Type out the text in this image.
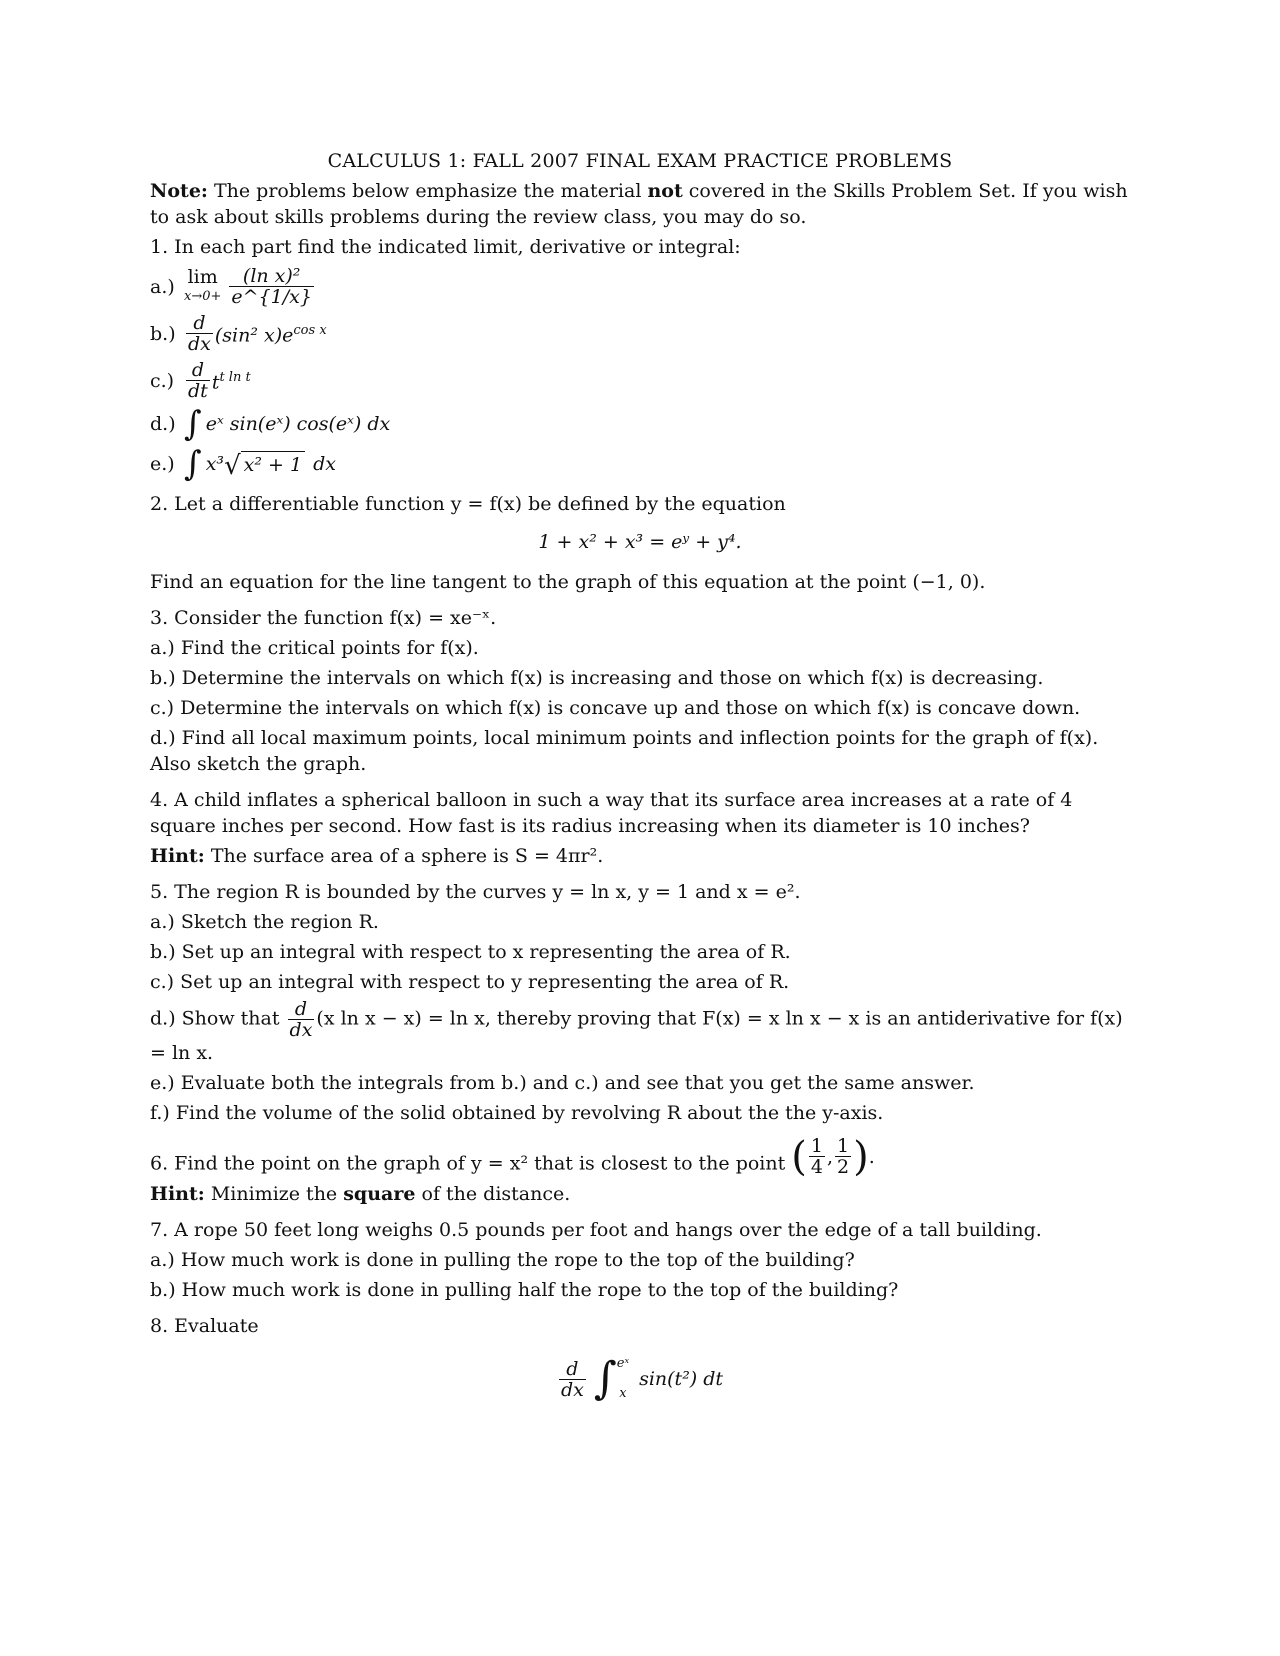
CALCULUS 1: FALL 2007 FINAL EXAM PRACTICE PROBLEMS

Note: The problems below emphasize the material not covered in the Skills Problem Set. If you wish to ask about skills problems during the review class, you may do so.

1. In each part find the indicated limit, derivative or integral:

a.) lim
$x\to 0+ \frac{\text{(ln x)²}}{e\^{}\{1/x\}}$
$b.) \frac{d}{dx} (\sin^2$ $x)e^{cos x}$
$c.) \frac{d}{dt} t^{t ln t}$
d.) ∫ eˣ sin(eˣ) cos(eˣ) dx
e.) ∫ x³ √ x² + 1 dx

2. Let a differentiable function y = f(x) be defined by the equation

1 + x² + x³ = eʸ + y⁴.

Find an equation for the line tangent to the graph of this equation at the point (−1, 0).

3. Consider the function f(x) = xe⁻ˣ.

a.) Find the critical points for f(x).

b.) Determine the intervals on which f(x) is increasing and those on which f(x) is decreasing.

c.) Determine the intervals on which f(x) is concave up and those on which f(x) is concave down.

d.) Find all local maximum points, local minimum points and inflection points for the graph of f(x). Also sketch the graph.

4. A child inflates a spherical balloon in such a way that its surface area increases at a rate of 4 square inches per second. How fast is its radius increasing when its diameter is 10 inches?

Hint: The surface area of a sphere is S = 4πr².

5. The region R is bounded by the curves y = ln x, y = 1 and x = e².

a.) Sketch the region R.

b.) Set up an integral with respect to x representing the area of R.

c.) Set up an integral with respect to y representing the area of R.

d.) Show that $\frac{d}{dx} (x$ ln x − x) = ln x, thereby proving that F(x) = x ln x − x is an antiderivative for f(x) = ln x.

e.) Evaluate both the integrals from b.) and c.) and see that you get the same answer.

f.) Find the volume of the solid obtained by revolving R about the the y-axis.

6. Find the point on the graph of y = x² that is closest to the point ( $\frac{1}{4}$ , $\frac{1}{2}$ ) .

Hint: Minimize the square of the distance.

7. A rope 50 feet long weighs 0.5 pounds per foot and hangs over the edge of a tall building.

a.) How much work is done in pulling the rope to the top of the building?

b.) How much work is done in pulling half the rope to the top of the building?

8. Evaluate

$\frac{d}{dx}$ ∫ eˣ
x
sin(t²) dt
